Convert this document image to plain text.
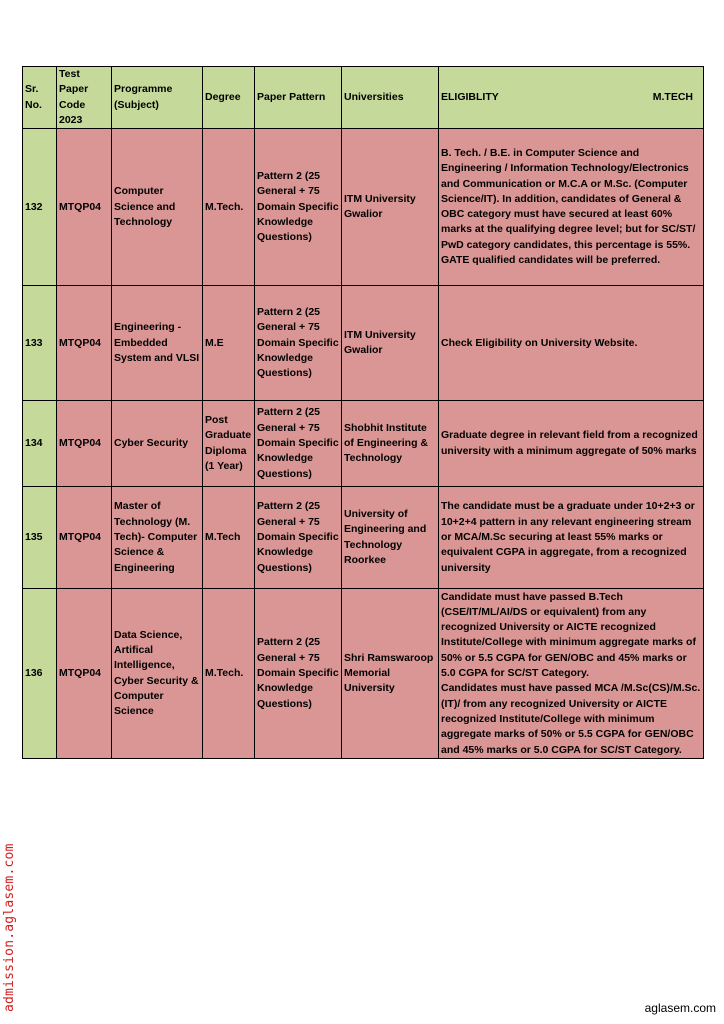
Sr. No.	Test Paper Code 2023	Programme (Subject)	Degree	Paper Pattern	Universities	ELIGIBLITY M.TECH

132	MTQP04	Computer Science and Technology	M.Tech.	Pattern 2 (25 General + 75 Domain Specific Knowledge Questions)	ITM University Gwalior	B. Tech. / B.E. in Computer Science and Engineering / Information Technology/Electronics and Communication or M.C.A or M.Sc. (Computer Science/IT). In addition, candidates of General & OBC category must have secured at least 60% marks at the qualifying degree level; but for SC/ST/ PwD category candidates, this percentage is 55%. GATE qualified candidates will be preferred.
133	MTQP04	Engineering - Embedded System and VLSI	M.E	Pattern 2 (25 General + 75 Domain Specific Knowledge Questions)	ITM University Gwalior	Check Eligibility on University Website.
134	MTQP04	Cyber Security	Post Graduate Diploma (1 Year)	Pattern 2 (25 General + 75 Domain Specific Knowledge Questions)	Shobhit Institute of Engineering & Technology	Graduate degree in relevant field from a recognized university with a minimum aggregate of 50% marks
135	MTQP04	Master of Technology (M. Tech)- Computer Science & Engineering	M.Tech	Pattern 2 (25 General + 75 Domain Specific Knowledge Questions)	University of Engineering and Technology Roorkee	The candidate must be a graduate under 10+2+3 or 10+2+4 pattern in any relevant engineering stream or MCA/M.Sc securing at least 55% marks or equivalent CGPA in aggregate, from a recognized university
136	MTQP04	Data Science, Artifical Intelligence, Cyber Security & Computer Science	M.Tech.	Pattern 2 (25 General + 75 Domain Specific Knowledge Questions)	Shri Ramswaroop Memorial University	Candidate must have passed B.Tech (CSE/IT/ML/AI/DS or equivalent) from any recognized University or AICTE recognized Institute/College with minimum aggregate marks of 50% or 5.5 CGPA for GEN/OBC and 45% marks or 5.0 CGPA for SC/ST Category.
Candidates must have passed MCA /M.Sc(CS)/M.Sc.(IT)/ from any recognized University or AICTE recognized Institute/College with minimum aggregate marks of 50% or 5.5 CGPA for GEN/OBC and 45% marks or 5.0 CGPA for SC/ST Category.
admission.aglasem.com	aglasem.com
